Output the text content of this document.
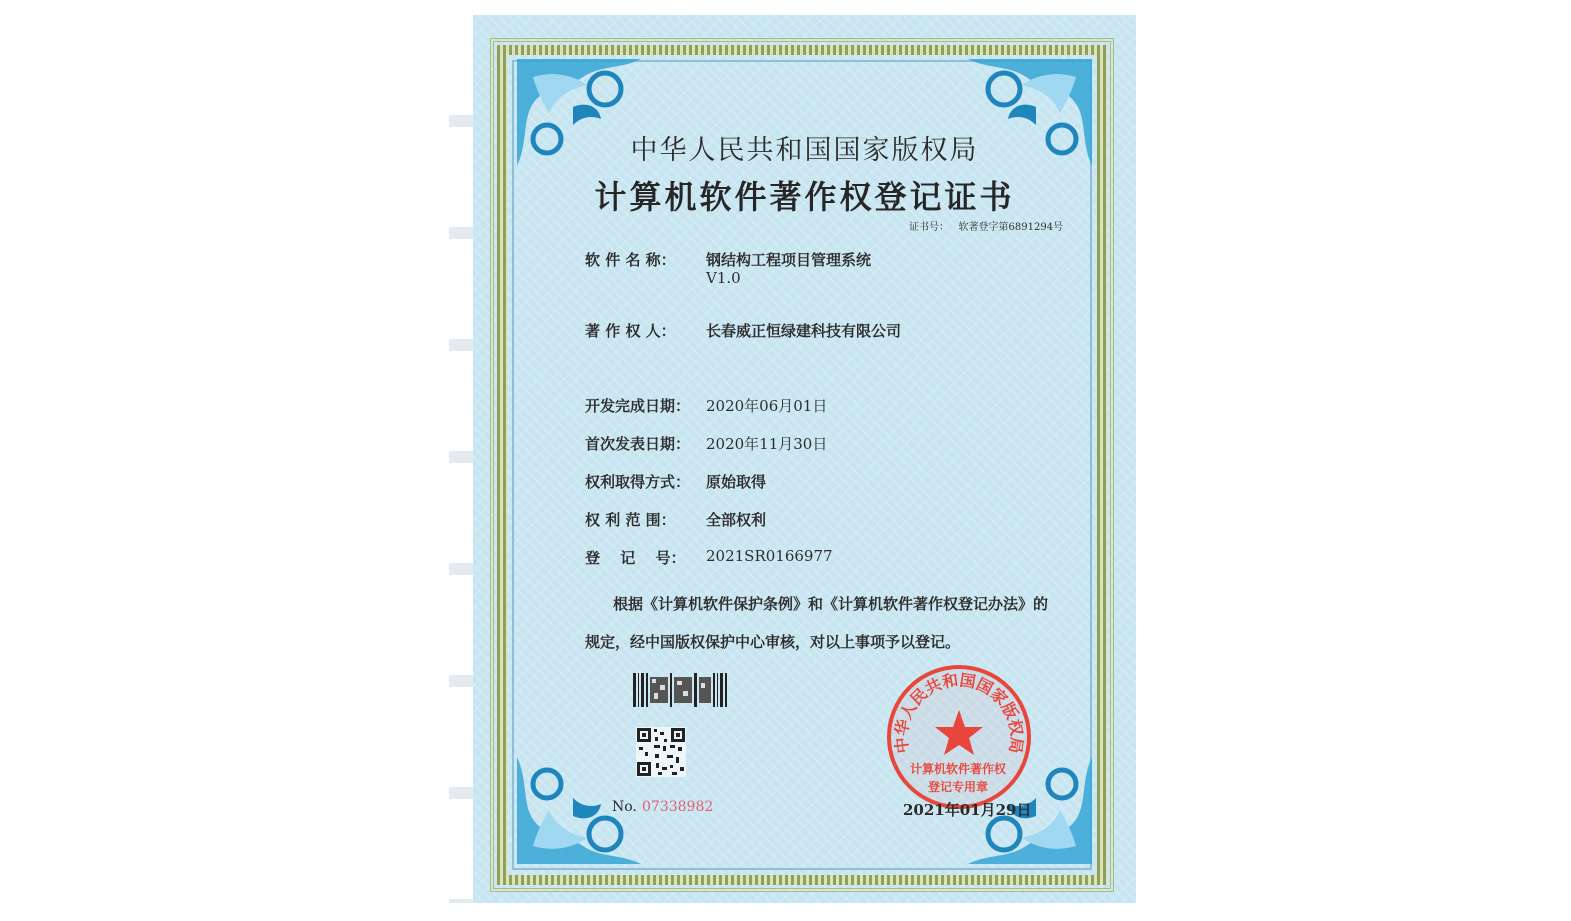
中华人民共和国国家版权局
计算机软件著作权登记证书
证书号： 软著登字第6891294号
软 件 名 称： 钢结构工程项目管理系统
V1.0
著 作 权 人： 长春威正恒绿建科技有限公司
开发完成日期： 2020年06月01日
首次发表日期： 2020年11月30日
权利取得方式： 原始取得
权 利 范 围： 全部权利
登　 记　 号： 2021SR0166977
根据《计算机软件保护条例》和《计算机软件著作权登记办法》的
规定，经中国版权保护中心审核，对以上事项予以登记。
No. 07338982
中华人民共和国国家版权局
计算机软件著作权
登记专用章
2021年01月29日
